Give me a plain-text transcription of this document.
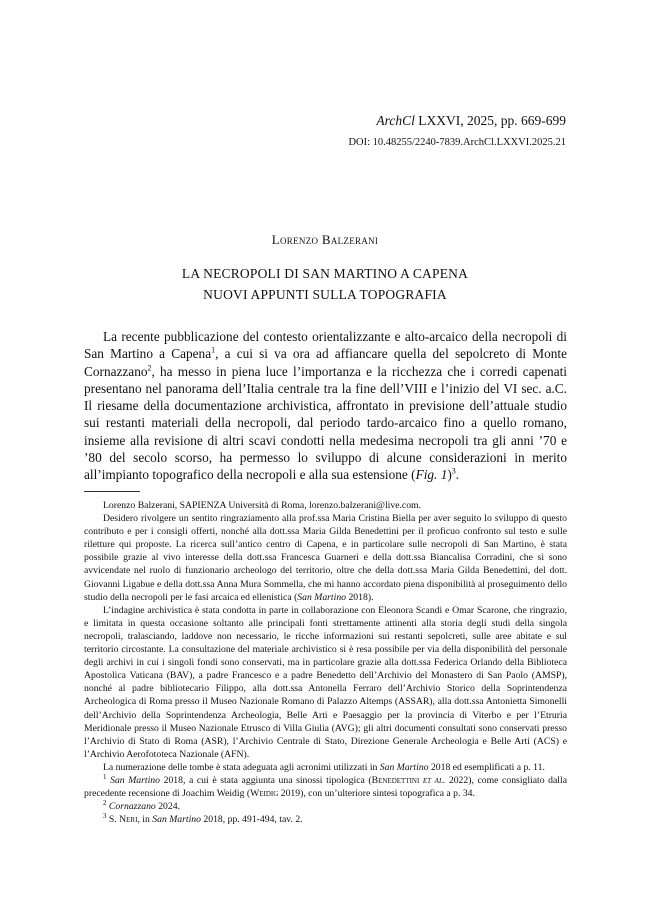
ArchCl LXXVI, 2025, pp. 669-699
DOI: 10.48255/2240-7839.ArchCl.LXXVI.2025.21
Lorenzo Balzerani
LA NECROPOLI DI SAN MARTINO A CAPENA
NUOVI APPUNTI SULLA TOPOGRAFIA

La recente pubblicazione del contesto orientalizzante e alto-arcaico della necropoli di San Martino a Capena$^1$, a cui si va ora ad affiancare quella del sepolcreto di Monte Cornazzano$^2$, ha messo in piena luce l’importanza e la ricchezza che i corredi capenati presentano nel panorama dell’Italia centrale tra la fine dell’VIII e l’inizio del VI sec. a.C. Il riesame della documentazione archivistica, affrontato in previsione dell’attuale studio sui restanti materiali della necropoli, dal periodo tardo-arcaico fino a quello romano, insieme alla revisione di altri scavi condotti nella medesima necropoli tra gli anni ’70 e ’80 del secolo scorso, ha permesso lo sviluppo di alcune considerazioni in merito all’impianto topografico della necropoli e alla sua estensione (Fig. 1)$^3$.

Lorenzo Balzerani, SAPIENZA Università di Roma, lorenzo.balzerani@live.com.

Desidero rivolgere un sentito ringraziamento alla prof.ssa Maria Cristina Biella per aver seguito lo sviluppo di questo contributo e per i consigli offerti, nonché alla dott.ssa Maria Gilda Benedettini per il proficuo confronto sul testo e sulle riletture qui proposte. La ricerca sull’antico centro di Capena, e in particolare sulle necropoli di San Martino, è stata possibile grazie al vivo interesse della dott.ssa Francesca Guarneri e della dott.ssa Biancalisa Corradini, che si sono avvicendate nel ruolo di funzionario archeologo del territorio, oltre che della dott.ssa Maria Gilda Benedettini, del dott. Giovanni Ligabue e della dott.ssa Anna Mura Sommella, che mi hanno accordato piena disponibilità al proseguimento dello studio della necropoli per le fasi arcaica ed ellenistica (San Martino 2018).

L’indagine archivistica è stata condotta in parte in collaborazione con Eleonora Scandi e Omar Scarone, che ringrazio, e limitata in questa occasione soltanto alle principali fonti strettamente attinenti alla storia degli studi della singola necropoli, tralasciando, laddove non necessario, le ricche informazioni sui restanti sepolcreti, sulle aree abitate e sul territorio circostante. La consultazione del materiale archivistico si è resa possibile per via della disponibilità del personale degli archivi in cui i singoli fondi sono conservati, ma in particolare grazie alla dott.ssa Federica Orlando della Biblioteca Apostolica Vaticana (BAV), a padre Francesco e a padre Benedetto dell’Archivio del Monastero di San Paolo (AMSP), nonché al padre bibliotecario Filippo, alla dott.ssa Antonella Ferraro dell’Archivio Storico della Soprintendenza Archeologica di Roma presso il Museo Nazionale Romano di Palazzo Altemps (ASSAR), alla dott.ssa Antonietta Simonelli dell’Archivio della Soprintendenza Archeologia, Belle Arti e Paesaggio per la provincia di Viterbo e per l’Etruria Meridionale presso il Museo Nazionale Etrusco di Villa Giulia (AVG); gli altri documenti consultati sono conservati presso l’Archivio di Stato di Roma (ASR), l’Archivio Centrale di Stato, Direzione Generale Archeologia e Belle Arti (ACS) e l’Archivio Aerofototeca Nazionale (AFN).

La numerazione delle tombe è stata adeguata agli acronimi utilizzati in San Martino 2018 ed esemplificati a p. 11.

$^1$ San Martino 2018, a cui è stata aggiunta una sinossi tipologica (Benedettini et al. 2022), come consigliato dalla precedente recensione di Joachim Weidig (Weidig 2019), con un’ulteriore sintesi topografica a p. 34.

$^2$ Cornazzano 2024.

$^3$ S. Neri, in San Martino 2018, pp. 491-494, tav. 2.
